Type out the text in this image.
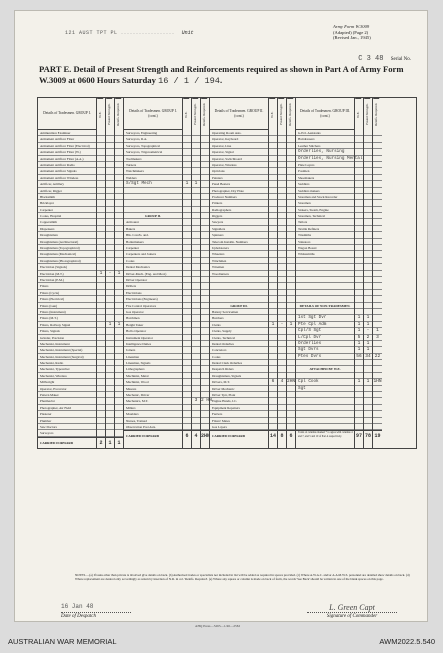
121 AUST TPT PL .................. Unit
Army Form W.3009
(Adapted) (Page 2)
(Revised Jan., 1945)
C 3 48 Serial No.
PART E. Detail of Present Strength and Reinforcements required as shown in Part A of Army Form W.3009 at 0600 Hours Saturday 16 / 1 / 194.
Details of Tradesmen. GROUP I.
Ammunition Examiner
Armament Artificer Fitter
Armament Artificer Fitter (Electrical)
Armament Artificer Fitter (W.)
Armament Artificer Fitter (A.A.)
Armament Artificer Radio
Armament Artificer Signals
Armament Artificer Wireless
Artificer, Artillery
Artificer, Rigger
Blacksmith
Bricklayer
Carpenter
Cooks, Hospital
Coppersmith
Dispensers
Draughtsman
Draughtsman (Architectural)
Draughtsman (Topographical)
Draughtsman (Mechanical)
Draughtsman (Photographical)
Electrician (Signals)
Electrician (M.T.)
Electrician (E.M.)
Fitters
Fitters (Cycle)
Fitters (Electrical)
Fitters (Gun)
Fitters (Instrument)
Fitters (M.T.)
Fitters, Railway Signal
Fitters, Signals
Grinder, Precision
Mechanist, Instrument
Mechanist, Instrument (Special)
Mechanist, Instrument (Surgical)
Mechanist, Radio
Mechanist, Typewriter
Mechanist, Wireless
Millwright
Operator, Excavator
Pattern Maker
Pharmacist
Photographer, Air Field
Plasterer
Plumber
Saw Doctors
Surveyors
CARRIED FORWARD
W.E.
1
2
Posted Strength.
-
1
1
Reinfs. Required.
1
1
1
Details of Tradesmen. GROUP I. (cont.)
Surveyors, Engineering
Surveyors, R.A.
Surveyors, Topographical
Surveyors, Trigonometrical
Toolmakers
Turners
Watchmakers
Welders
S/Sgt Mech
GROUP II.
Armourer
Bakers
Blk. Cond's. and.
Boilermakers
Carpenter
Carpenters and Joiners
Cooks
Dental Mechanics
Driver-Mech. (Eng. and Med.)
Driver Operator
Drillers
Electricians
Electricians (Engineers)
Fire Control Operators
Gas Operator
Hatchmen
Height Taker
Hollo Operator
Instrument Operator
Intelligence Duties
Joiners
Linesman
Linesman, Signals
Lithographers
Machinist, Metal
Machinist, Wood
Masons
Mechanic, Driver
Mechanics, M.T.
Millers
Moulders
Nurses, Trained
Observation Post Asts.
CARRIED FORWARD
W.E.
1
6
Posted Strength.
1
3
4
Reinfs. Required.
2 HN
2HN
Details of Tradesmen. GROUP II. (cont.)
Operating Room Asts.
Operator, Keyboard
Operator, Line
Operator, Signal
Operator, Switchboard
Operator, Wireless
Opticians
Painters
Panel Beaters
Photographer, Dry Plate
Producer Numbers
Printers
Radiographers
Riggers
Sawyers
Signallers
Spinners
Telecom Installn. Numbers
Upholsterers
Wheelers
Winchmen
Wiremen
Woodturners
GROUP III.
Battery Servicemen
Butchers
Clerks
Clerks, Supply
Clerks, Technical
Dental Orderlies
Concretors
Cooks
Dental Clerk Orderlies
Despatch Riders
Draughtsmen, Signals
Drivers, M.T.
Driver Mechanic
Driver Tptr, Plant
Engine Hands, I.C.
Equipment Repairers
Farriers
Fitters' Mates
Gas Layers
CARRIED FORWARD
W.E.
1
6
14
Posted Strength.
-
4
8
Reinfs. Required.
1
2HN
6
Details of Tradesmen. GROUP III. (cont.)
G.P.O. Assistants
Hairdressers
Leather Stitchers
Orderlies, Nursing
Orderlies, Nursing Mental
Plate Layers
Postmen
Shoemakers
Saddlers
Saddlers makers
Storeman and Stock Recorder
Storemen
Stokers, Steam, Engine
Storemen, Technical
Tailors
Textile Refiners
Tinsmiths
Valuators
Wagon Boastr
Whitesmiths
DETAILS OF NON-TRADESMEN.
1st Sgt Dvr
Pte Cpl Adm
Cpl/S Sgt
L/Cpl Dvr
Orderlies
Sgt Dvrs
Ptes Dvrs
ATTACHED BY W.E.
Cpl Cook
Sgt
Totals of columns marked * to agree with columns 4 and 7, and 5 and 10 of Part A respectively.
W.E.
1
1
1
5
1
1
56
1
97
Posted Strength.
1
1
-
2
1
1
34
1
78
Reinfs. Required.
1
3
22
1HN
19
NOTES.—(a) If tasks other than private is involved give details on back. (b) Authorised trades or specialists not included in list will be added as required in spaces provided. (c) Where A.W.A.C. and/or A.A.M.W.S. personnel are detailed show details on back. (d) Where replacement are desired only accordingly as return by insertion of N.R. in col. 'Reinfs. Required'. (e) Where any square or column is made on back of form, the words 'See Back' should be written in one of the blank spaces on this page.
16 Jan 48
Date of Despatch
L. Green Capt
Signature of Commander
AHQ Press—5265—1/46—25M
AUSTRALIAN WAR MEMORIAL	AWM2022.5.540
